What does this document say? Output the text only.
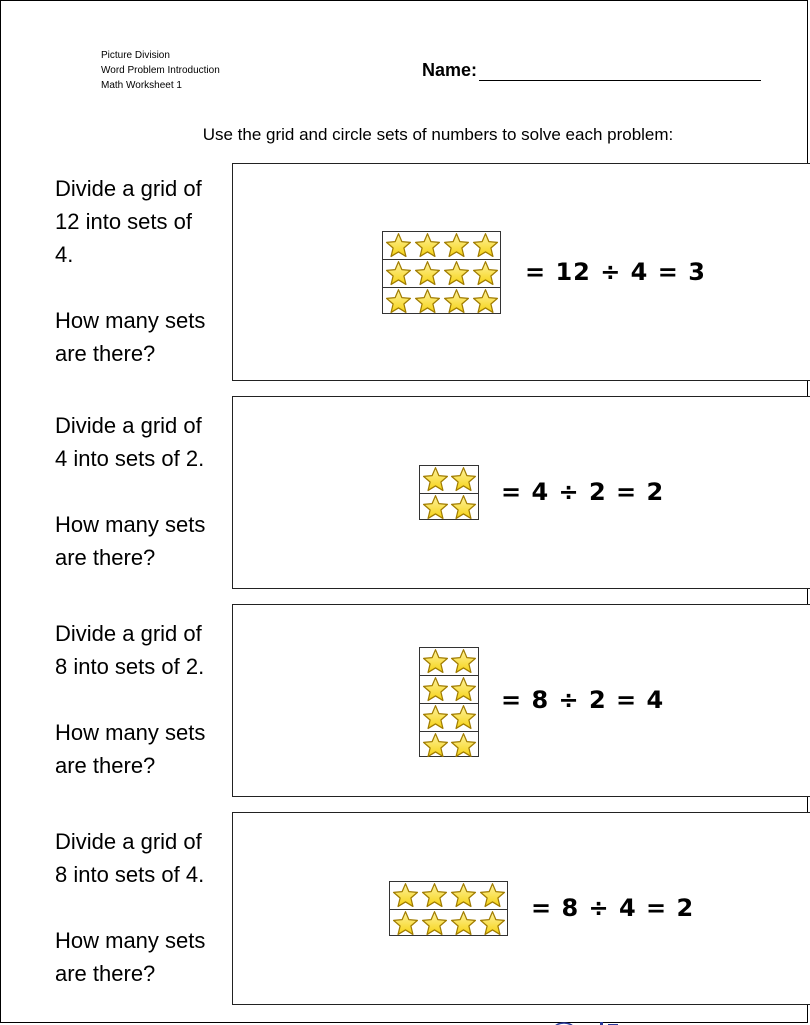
Picture Division
Word Problem Introduction
Math Worksheet 1
Name:
Use the grid and circle sets of numbers to solve each problem:
Divide a grid of
12 into sets of
4.
How many sets
are there?
= 12 ÷ 4 = 3
Divide a grid of
4 into sets of 2.
How many sets
are there?
= 4 ÷ 2 = 2
Divide a grid of
8 into sets of 2.
How many sets
are there?
= 8 ÷ 2 = 4
Divide a grid of
8 into sets of 4.
How many sets
are there?
= 8 ÷ 4 = 2
